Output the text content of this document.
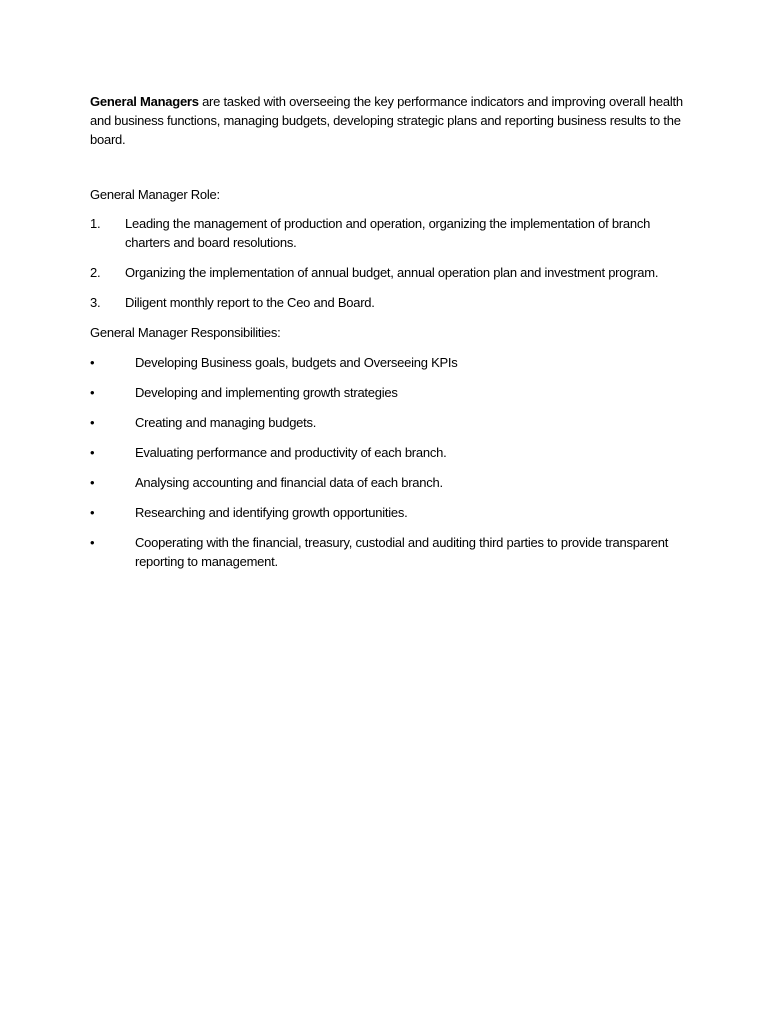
General Managers are tasked with overseeing the key performance indicators and improving overall health and business functions, managing budgets, developing strategic plans and reporting business results to the board.

General Manager Role:

1. Leading the management of production and operation, organizing the implementation of branch charters and board resolutions.
2. Organizing the implementation of annual budget, annual operation plan and investment program.
3. Diligent monthly report to the Ceo and Board.

General Manager Responsibilities:

•	Developing Business goals, budgets and Overseeing KPIs
•	Developing and implementing growth strategies
•	Creating and managing budgets.
•	Evaluating performance and productivity of each branch.
•	Analysing accounting and financial data of each branch.
•	Researching and identifying growth opportunities.
•	Cooperating with the financial, treasury, custodial and auditing third parties to provide transparent reporting to management.
